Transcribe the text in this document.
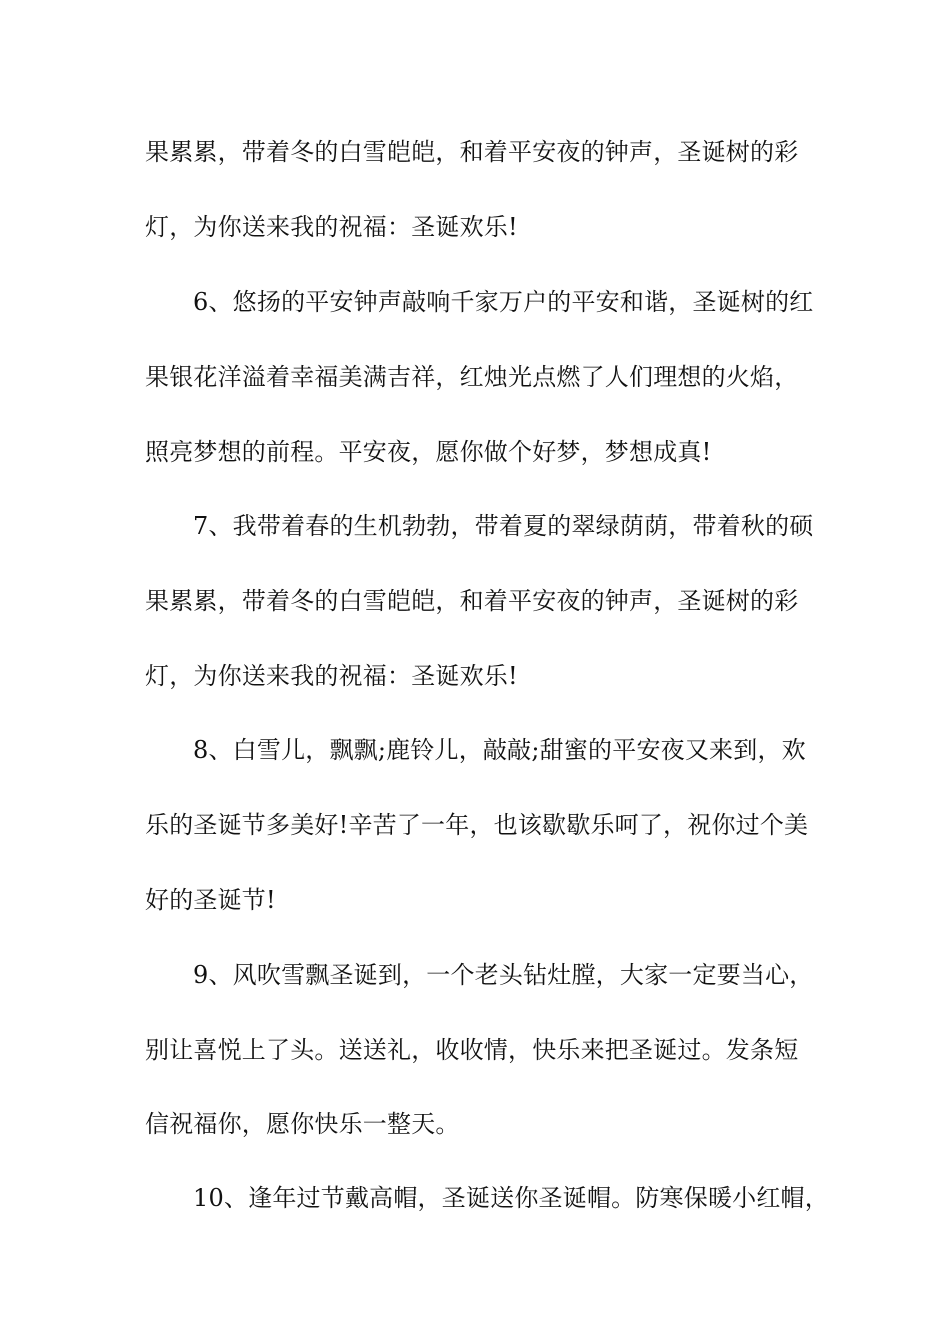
果累累，带着冬的白雪皑皑，和着平安夜的钟声，圣诞树的彩
灯，为你送来我的祝福：圣诞欢乐!
6、悠扬的平安钟声敲响千家万户的平安和谐，圣诞树的红
果银花洋溢着幸福美满吉祥，红烛光点燃了人们理想的火焰，
照亮梦想的前程。平安夜，愿你做个好梦，梦想成真!
7、我带着春的生机勃勃，带着夏的翠绿荫荫，带着秋的硕
果累累，带着冬的白雪皑皑，和着平安夜的钟声，圣诞树的彩
灯，为你送来我的祝福：圣诞欢乐!
8、白雪儿，飘飘;鹿铃儿，敲敲;甜蜜的平安夜又来到，欢
乐的圣诞节多美好!辛苦了一年，也该歇歇乐呵了，祝你过个美
好的圣诞节!
9、风吹雪飘圣诞到，一个老头钻灶膛，大家一定要当心，
别让喜悦上了头。送送礼，收收情，快乐来把圣诞过。发条短
信祝福你，愿你快乐一整天。
10、逢年过节戴高帽，圣诞送你圣诞帽。防寒保暖小红帽，
